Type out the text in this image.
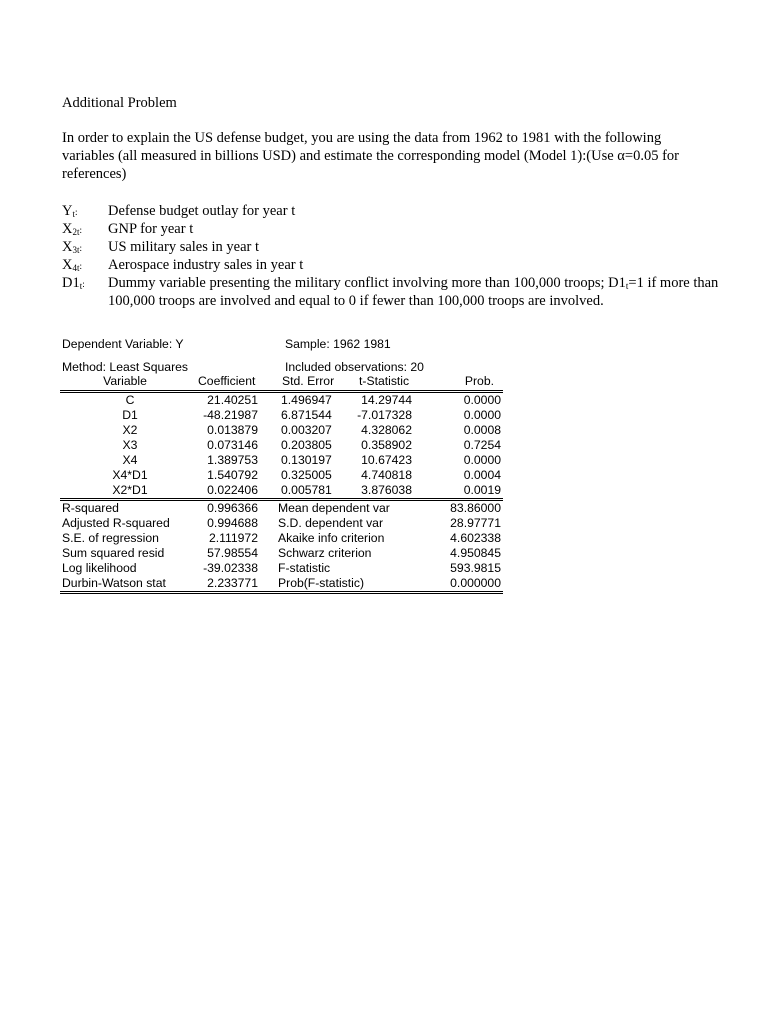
Additional Problem
In order to explain the US defense budget, you are using the data from 1962 to 1981 with the following variables (all measured in billions USD) and estimate the corresponding model (Model 1):(Use α=0.05 for references)
$Y_t$: Defense budget outlay for year t
$X_{2t}$: GNP for year t
$X_{3t}$: US military sales in year t
$X_{4t}$: Aerospace industry sales in year t
$D1_t$: Dummy variable presenting the military conflict involving more than 100,000 troops; $D1_t=1$ if more than 100,000 troops are involved and equal to 0 if fewer than 100,000 troops are involved.
Dependent Variable: Y	Sample: 1962 1981
Method: Least Squares	Included observations: 20
Variable	Coefficient Std. Error t-Statistic	Prob.
C	21.40251 1.496947	14.29744	0.0000
D1	-48.21987 6.871544	-7.017328	0.0000
X2	0.013879 0.003207	4.328062	0.0008
X3	0.073146 0.203805	0.358902	0.7254
X4	1.389753 0.130197	10.67423	0.0000
X4*D1	1.540792 0.325005	4.740818	0.0004
X2*D1	0.022406 0.005781	3.876038	0.0019
R-squared	0.996366 Mean dependent var	83.86000
Adjusted R-squared	0.994688 S.D. dependent var	28.97771
S.E. of regression	2.111972 Akaike info criterion	4.602338
Sum squared resid	57.98554 Schwarz criterion	4.950845
Log likelihood	-39.02338 F-statistic	593.9815
Durbin-Watson stat	2.233771 Prob(F-statistic)	0.000000
